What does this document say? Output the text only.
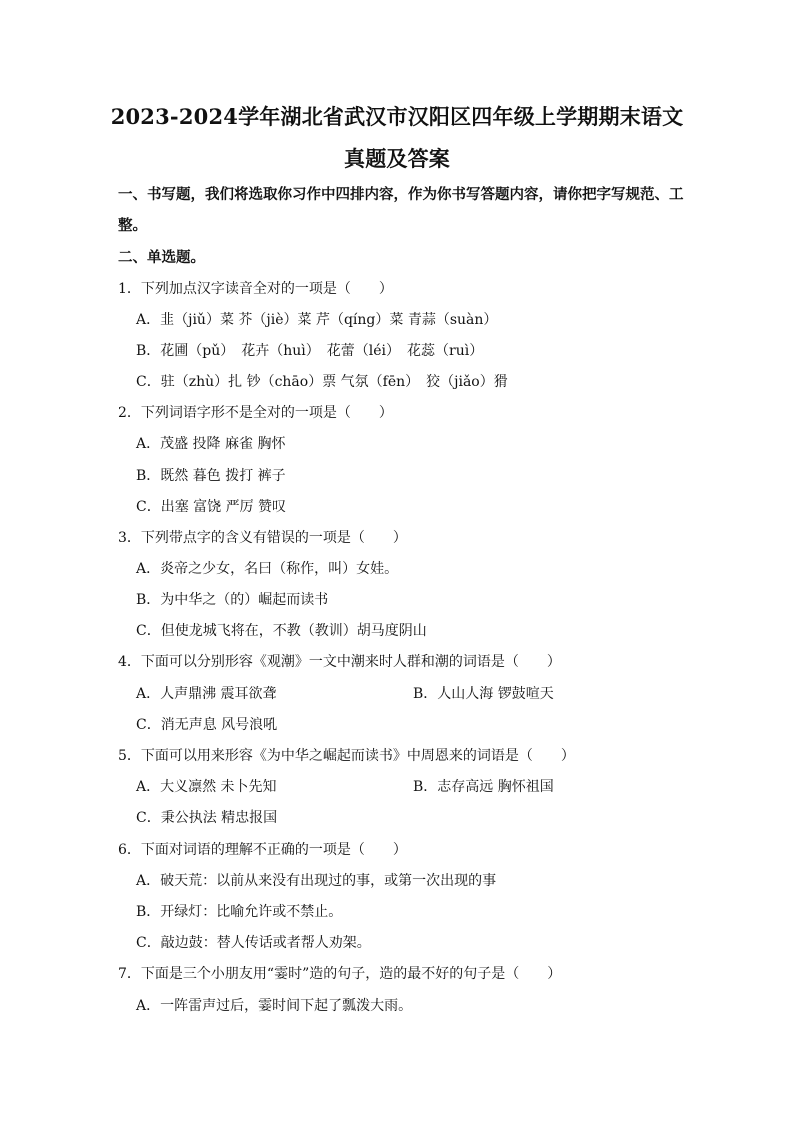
2023-2024学年湖北省武汉市汉阳区四年级上学期期末语文
真题及答案
一、书写题，我们将选取你习作中四排内容，作为你书写答题内容，请你把字写规范、工
整。
二、单选题。
1．下列加点汉字读音全对的一项是（　　）
A．韭（jiǔ）菜 芥（jiè）菜 芹（qíng）菜 青蒜（suàn）
B．花圃（pǔ）　花卉（huì）　花蕾（léi）　花蕊（ruì）
C．驻（zhù）扎 钞（chāo）票 气氛（fēn）　狡（jiǎo）猾
2．下列词语字形不是全对的一项是（　　）
A．茂盛 投降 麻雀 胸怀
B．既然 暮色 拨打 裤子
C．出塞 富饶 严厉 赞叹
3．下列带点字的含义有错误的一项是（　　）
A．炎帝之少女，名曰（称作，叫）女娃。
B．为中华之（的）崛起而读书
C．但使龙城飞将在，不教（教训）胡马度阴山
4．下面可以分别形容《观潮》一文中潮来时人群和潮的词语是（　　）
A．人声鼎沸 震耳欲聋	B．人山人海 锣鼓喧天
C．消无声息 风号浪吼
5．下面可以用来形容《为中华之崛起而读书》中周恩来的词语是（　　）
A．大义凛然 未卜先知	B．志存高远 胸怀祖国
C．秉公执法 精忠报国
6．下面对词语的理解不正确的一项是（　　）
A．破天荒：以前从来没有出现过的事，或第一次出现的事
B．开绿灯：比喻允许或不禁止。
C．敲边鼓：替人传话或者帮人劝架。
7．下面是三个小朋友用“霎时”造的句子，造的最不好的句子是（　　）
A．一阵雷声过后，霎时间下起了瓢泼大雨。
